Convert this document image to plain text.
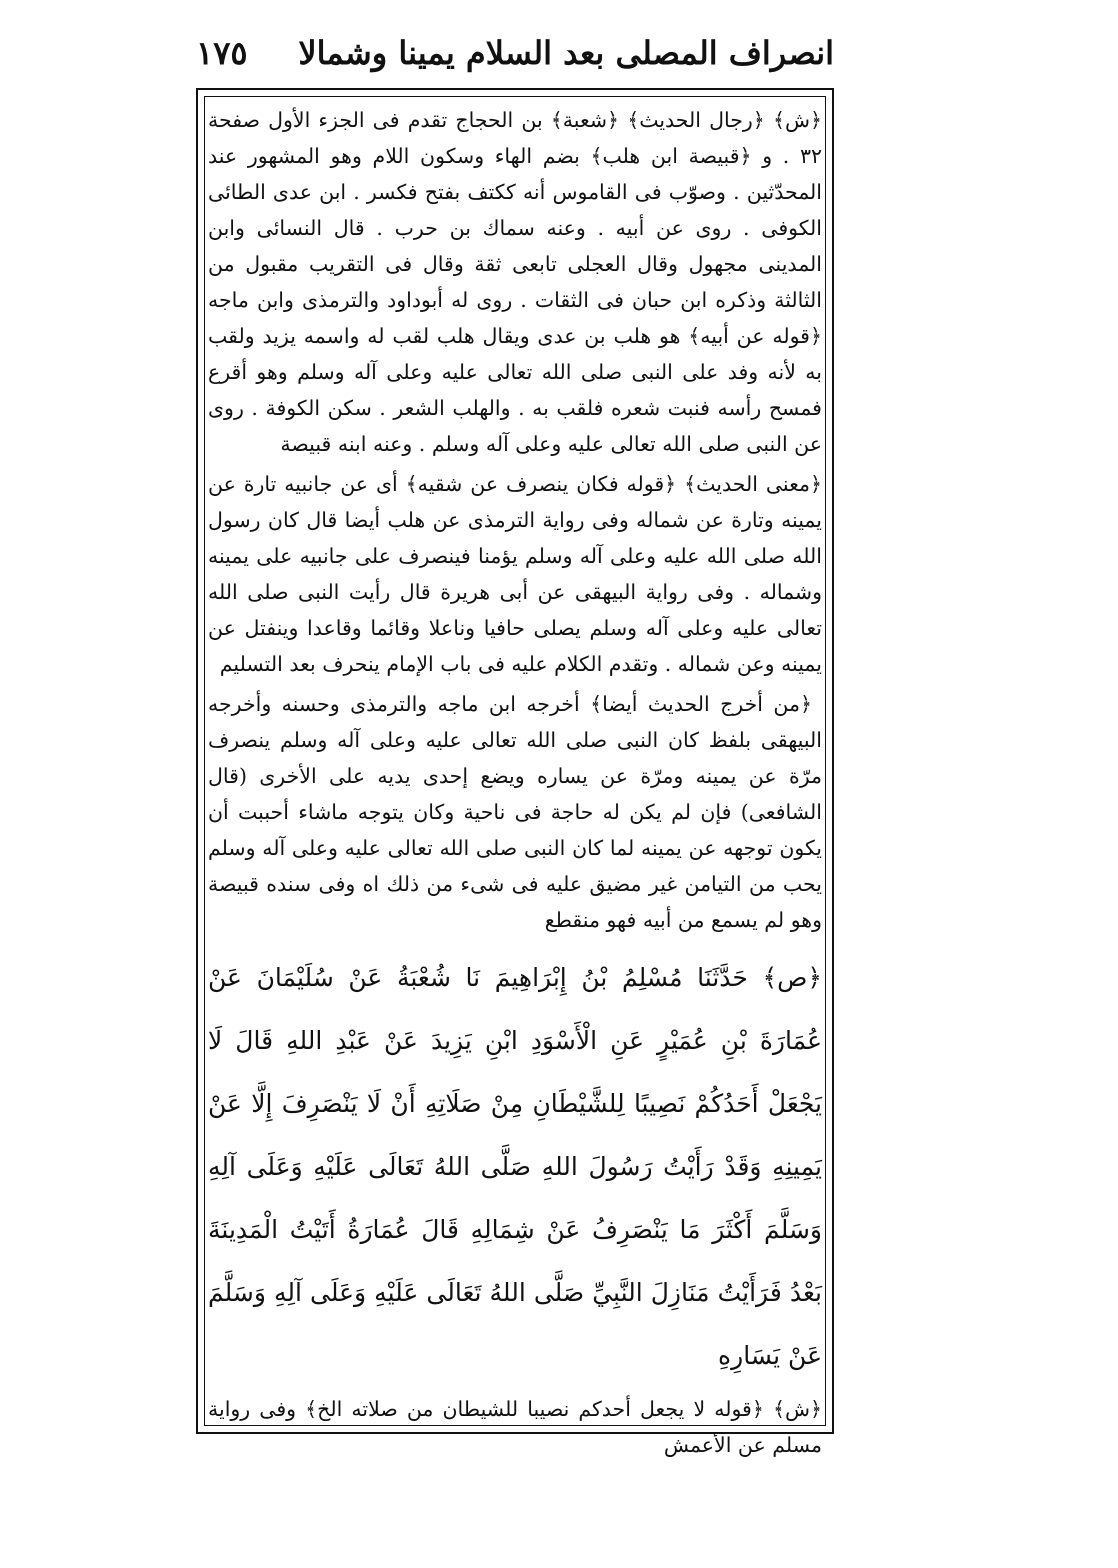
انصراف المصلى بعد السلام يمينا وشمالا
١٧٥

﴿ش﴾ ﴿رجال الحديث﴾ ﴿شعبة﴾ بن الحجاج تقدم فى الجزء الأول صفحة ٣٢ . و ﴿قبيصة ابن هلب﴾ بضم الهاء وسكون اللام وهو المشهور عند المحدّثين . وصوّب فى القاموس أنه ككتف بفتح فكسر . ابن عدى الطائى الكوفى . روى عن أبيه . وعنه سماك بن حرب . قال النسائى وابن المدينى مجهول وقال العجلى تابعى ثقة وقال فى التقريب مقبول من الثالثة وذكره ابن حبان فى الثقات . روى له أبوداود والترمذى وابن ماجه ﴿قوله عن أبيه﴾ هو هلب بن عدى ويقال هلب لقب له واسمه يزيد ولقب به لأنه وفد على النبى صلى الله تعالى عليه وعلى آله وسلم وهو أقرع فمسح رأسه فنبت شعره فلقب به . والهلب الشعر . سكن الكوفة . روى عن النبى صلى الله تعالى عليه وعلى آله وسلم . وعنه ابنه قبيصة

﴿معنى الحديث﴾ ﴿قوله فكان ينصرف عن شقيه﴾ أى عن جانبيه تارة عن يمينه وتارة عن شماله وفى رواية الترمذى عن هلب أيضا قال كان رسول الله صلى الله عليه وعلى آله وسلم يؤمنا فينصرف على جانبيه على يمينه وشماله . وفى رواية البيهقى عن أبى هريرة قال رأيت النبى صلى الله تعالى عليه وعلى آله وسلم يصلى حافيا وناعلا وقائما وقاعدا وينفتل عن يمينه وعن شماله . وتقدم الكلام عليه فى باب الإمام ينحرف بعد التسليم

﴿من أخرج الحديث أيضا﴾ أخرجه ابن ماجه والترمذى وحسنه وأخرجه البيهقى بلفظ كان النبى صلى الله تعالى عليه وعلى آله وسلم ينصرف مرّة عن يمينه ومرّة عن يساره ويضع إحدى يديه على الأخرى (قال الشافعى) فإن لم يكن له حاجة فى ناحية وكان يتوجه ماشاء أحببت أن يكون توجهه عن يمينه لما كان النبى صلى الله تعالى عليه وعلى آله وسلم يحب من التيامن غير مضيق عليه فى شىء من ذلك اه وفى سنده قبيصة وهو لم يسمع من أبيه فهو منقطع

﴿ص﴾ حَدَّثَنَا مُسْلِمُ بْنُ إِبْرَاهِيمَ نَا شُعْبَةُ عَنْ سُلَيْمَانَ عَنْ عُمَارَةَ بْنِ عُمَيْرٍ عَنِ الْأَسْوَدِ ابْنِ يَزِيدَ عَنْ عَبْدِ اللهِ قَالَ لَا يَجْعَلْ أَحَدُكُمْ نَصِيبًا لِلشَّيْطَانِ مِنْ صَلَاتِهِ أَنْ لَا يَنْصَرِفَ إِلَّا عَنْ يَمِينِهِ وَقَدْ رَأَيْتُ رَسُولَ اللهِ صَلَّى اللهُ تَعَالَى عَلَيْهِ وَعَلَى آلِهِ وَسَلَّمَ أَكْثَرَ مَا يَنْصَرِفُ عَنْ شِمَالِهِ قَالَ عُمَارَةُ أَتَيْتُ الْمَدِينَةَ بَعْدُ فَرَأَيْتُ مَنَازِلَ النَّبِيِّ صَلَّى اللهُ تَعَالَى عَلَيْهِ وَعَلَى آلِهِ وَسَلَّمَ عَنْ يَسَارِهِ

﴿ش﴾ ﴿قوله لا يجعل أحدكم نصيبا للشيطان من صلاته الخ﴾ وفى رواية مسلم عن الأعمش
